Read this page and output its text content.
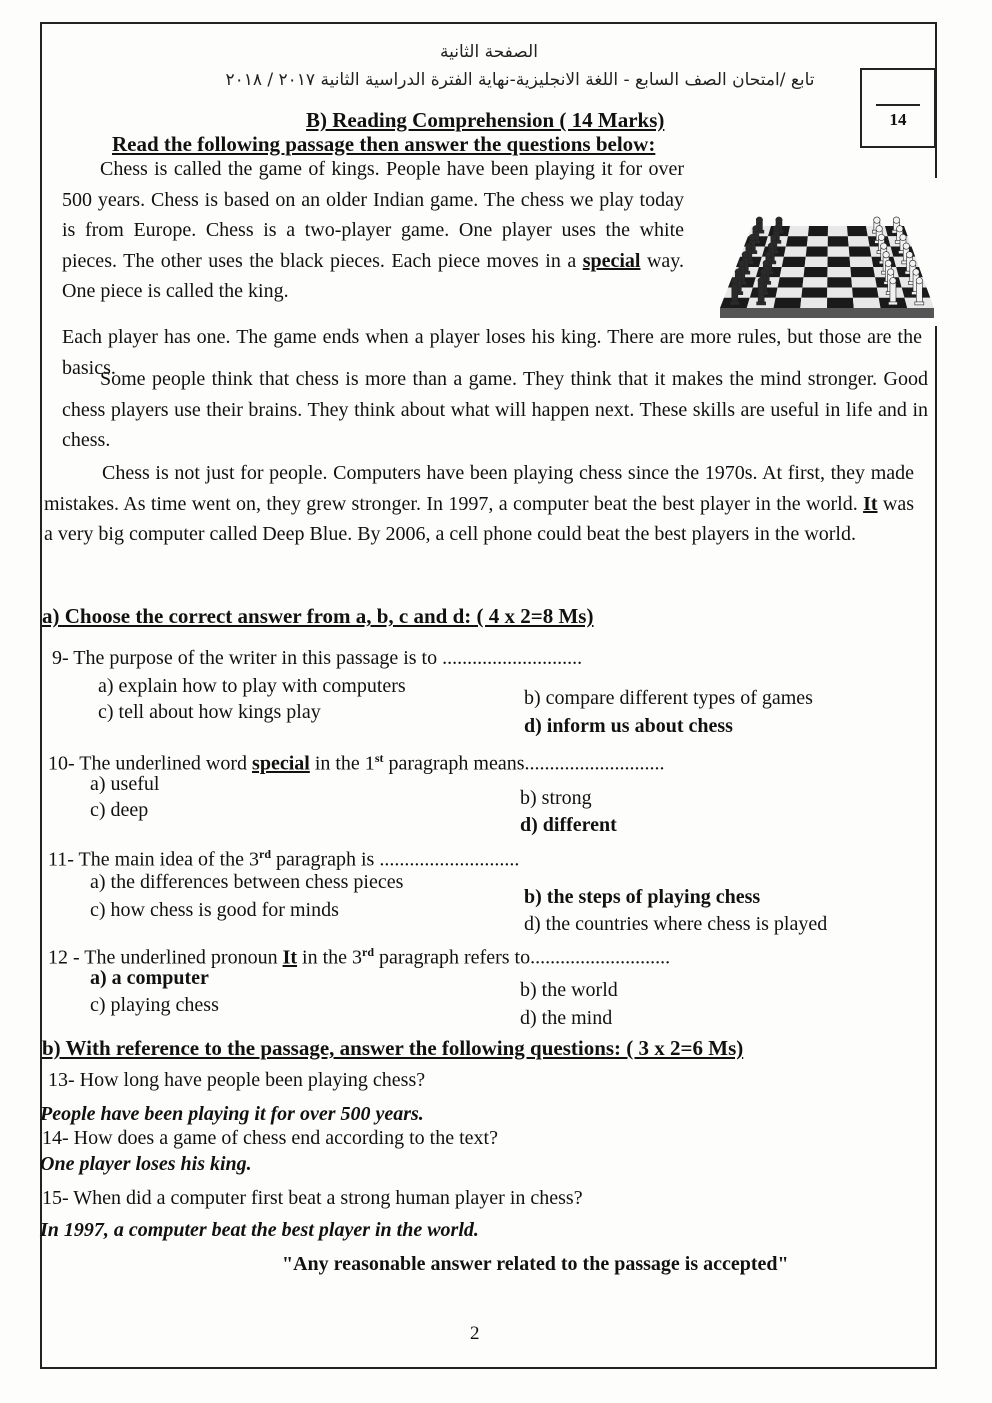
الصفحة الثانية
تابع /امتحان الصف السابع - اللغة الانجليزية-نهاية الفترة الدراسية الثانية ٢٠١٧ / ٢٠١٨
14
B) Reading Comprehension ( 14 Marks)
Read the following passage then answer the questions below:
Chess is called the game of kings. People have been playing it for over 500 years. Chess is based on an older Indian game. The chess we play today is from Europe. Chess is a two-player game. One player uses the white pieces. The other uses the black pieces. Each piece moves in a special way. One piece is called the king.
Each player has one. The game ends when a player loses his king. There are more rules, but those are the basics.
Some people think that chess is more than a game. They think that it makes the mind stronger. Good chess players use their brains. They think about what will happen next. These skills are useful in life and in chess.
Chess is not just for people. Computers have been playing chess since the 1970s. At first, they made mistakes. As time went on, they grew stronger. In 1997, a computer beat the best player in the world. It was a very big computer called Deep Blue. By 2006, a cell phone could beat the best players in the world.
a) Choose the correct answer from a, b, c and d: ( 4 x 2=8 Ms)
9- The purpose of the writer in this passage is to ............................
a) explain how to play with computers
b) compare different types of games
c) tell about how kings play
d) inform us about chess
10- The underlined word special in the 1st paragraph means............................
a) useful
b) strong
c) deep
d) different
11- The main idea of the 3rd paragraph is ............................
a) the differences between chess pieces
b) the steps of playing chess
c) how chess is good for minds
d) the countries where chess is played
12 - The underlined pronoun It in the 3rd paragraph refers to............................
a) a computer
b) the world
c) playing chess
d) the mind
b) With reference to the passage, answer the following questions: ( 3 x 2=6 Ms)
13- How long have people been playing chess?
People have been playing it for over 500 years.
14- How does a game of chess end according to the text?
One player loses his king.
15- When did a computer first beat a strong human player in chess?
In 1997, a computer beat the best player in the world.
"Any reasonable answer related to the passage is accepted"
2
